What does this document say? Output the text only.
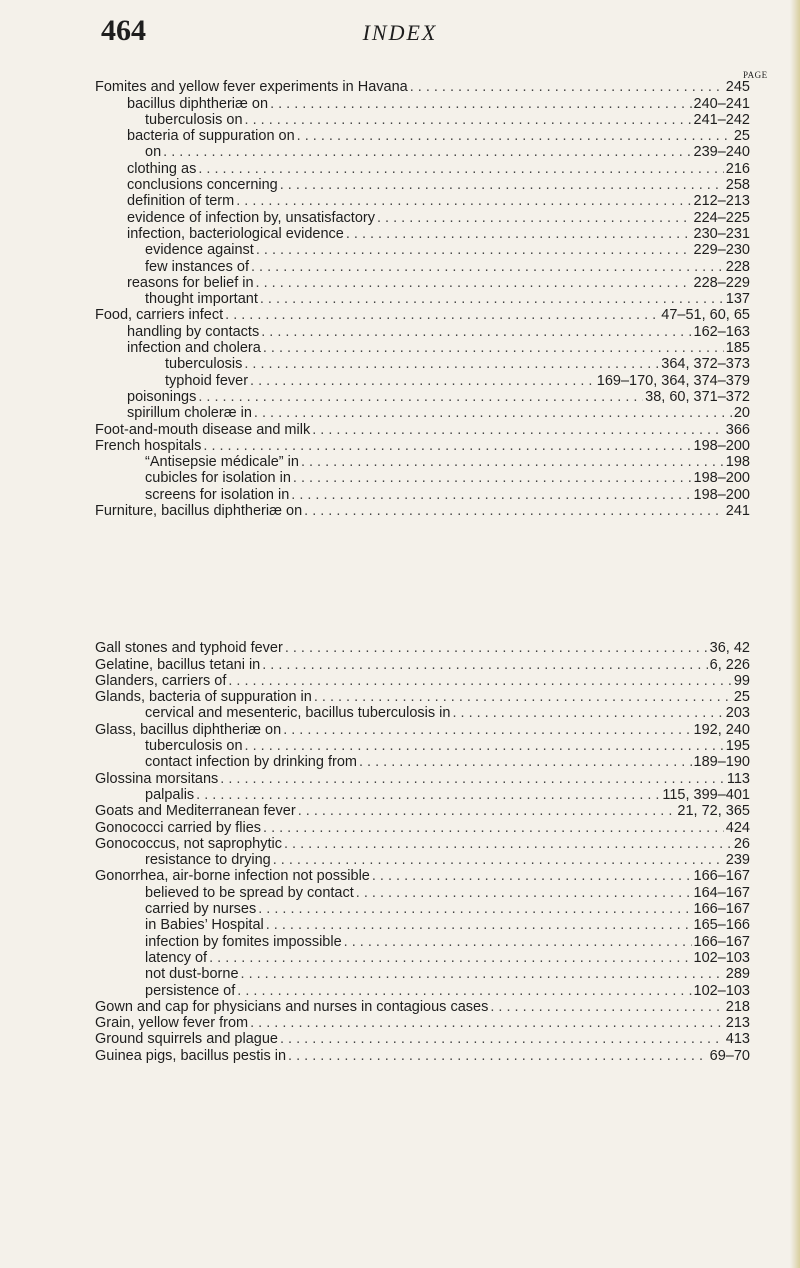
464	INDEX
PAGE
Fomites and yellow fever experiments in Havana . . .	245
bacillus diphtheriæ on . . .	240–241
tuberculosis on . . .	241–242
bacteria of suppuration on . . .	25
on . . .	239–240
clothing as . . .	216
conclusions concerning . . .	258
definition of term . . .	212–213
evidence of infection by, unsatisfactory . . .	224–225
infection, bacteriological evidence . . .	230–231
evidence against . . .	229–230
few instances of . . .	228
reasons for belief in . . .	228–229
thought important . . .	137
Food, carriers infect . . .	47–51, 60, 65
handling by contacts . . .	162–163
infection and cholera . . .	185
tuberculosis . . .	364, 372–373
typhoid fever . . .	169–170, 364, 374–379
poisonings . . .	38, 60, 371–372
spirillum choleræ in . . .	20
Foot-and-mouth disease and milk . . .	366
French hospitals . . .	198–200
“Antisepsie médicale” in . . .	198
cubicles for isolation in . . .	198–200
screens for isolation in . . .	198–200
Furniture, bacillus diphtheriæ on . . .	241
Gall stones and typhoid fever . . .	36, 42
Gelatine, bacillus tetani in . . .	6, 226
Glanders, carriers of . . .	99
Glands, bacteria of suppuration in . . .	25
cervical and mesenteric, bacillus tuberculosis in . . .	203
Glass, bacillus diphtheriæ on . . .	192, 240
tuberculosis on . . .	195
contact infection by drinking from . . .	189–190
Glossina morsitans . . .	113
palpalis . . .	115, 399–401
Goats and Mediterranean fever . . .	21, 72, 365
Gonococci carried by flies . . .	424
Gonococcus, not saprophytic . . .	26
resistance to drying . . .	239
Gonorrhea, air-borne infection not possible . . .	166–167
believed to be spread by contact . . .	164–167
carried by nurses . . .	166–167
in Babies’ Hospital . . .	165–166
infection by fomites impossible . . .	166–167
latency of . . .	102–103
not dust-borne . . .	289
persistence of . . .	102–103
Gown and cap for physicians and nurses in contagious cases . . .	218
Grain, yellow fever from . . .	213
Ground squirrels and plague . . .	413
Guinea pigs, bacillus pestis in . . .	69–70
